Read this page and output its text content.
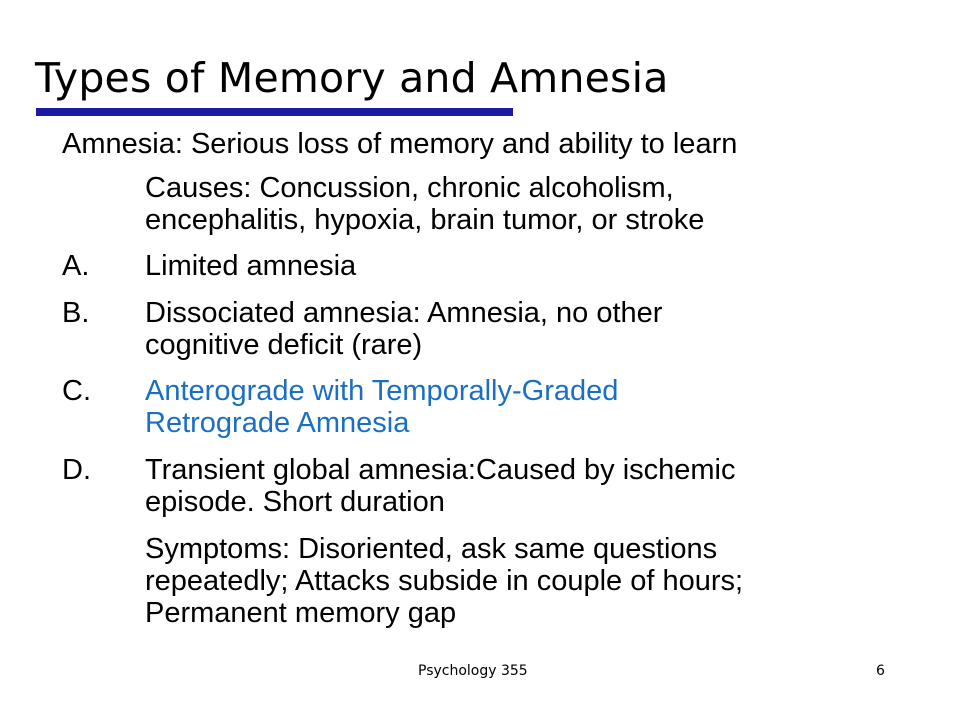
Types of Memory and Amnesia
Amnesia: Serious loss of memory and ability to learn
Causes: Concussion, chronic alcoholism,
encephalitis, hypoxia, brain tumor, or stroke
A. Limited amnesia
B. Dissociated amnesia: Amnesia, no other
cognitive deficit (rare)
C. Anterograde with Temporally-Graded
Retrograde Amnesia
D. Transient global amnesia:Caused by ischemic
episode. Short duration
Symptoms: Disoriented, ask same questions
repeatedly; Attacks subside in couple of hours;
Permanent memory gap
Psychology 355	6
